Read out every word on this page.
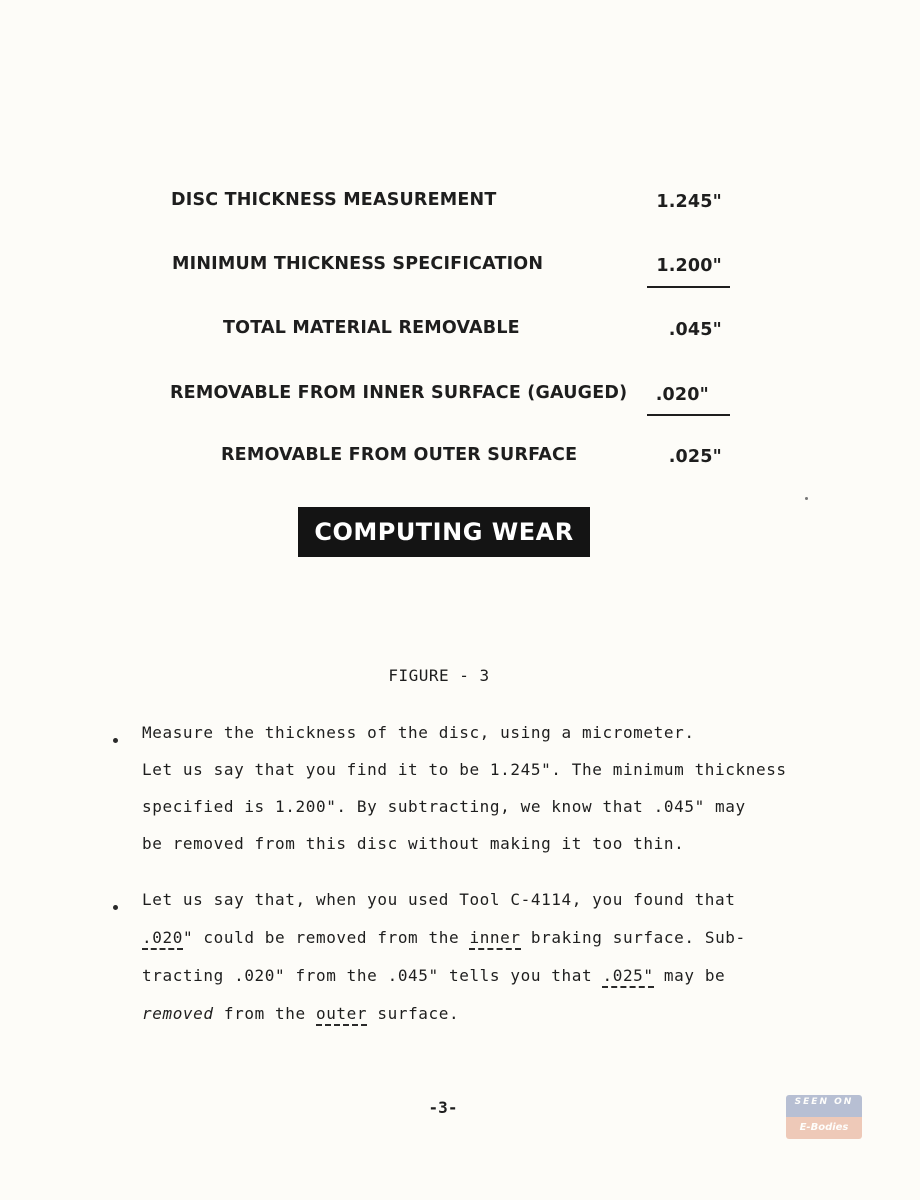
DISC THICKNESS MEASUREMENT	1.245"
MINIMUM THICKNESS SPECIFICATION	1.200"
TOTAL MATERIAL REMOVABLE	.045"
REMOVABLE FROM INNER SURFACE (GAUGED)	.020"
REMOVABLE FROM OUTER SURFACE	.025"
COMPUTING WEAR
FIGURE - 3
Measure the thickness of the disc, using a micrometer.
Let us say that you find it to be 1.245". The minimum thickness
specified is 1.200". By subtracting, we know that .045" may
be removed from this disc without making it too thin.
Let us say that, when you used Tool C-4114, you found that
.020" could be removed from the inner braking surface. Sub-
tracting .020" from the .045" tells you that .025" may be
removed from the outer surface.
-3-	SEEN ON
E-Bodies
